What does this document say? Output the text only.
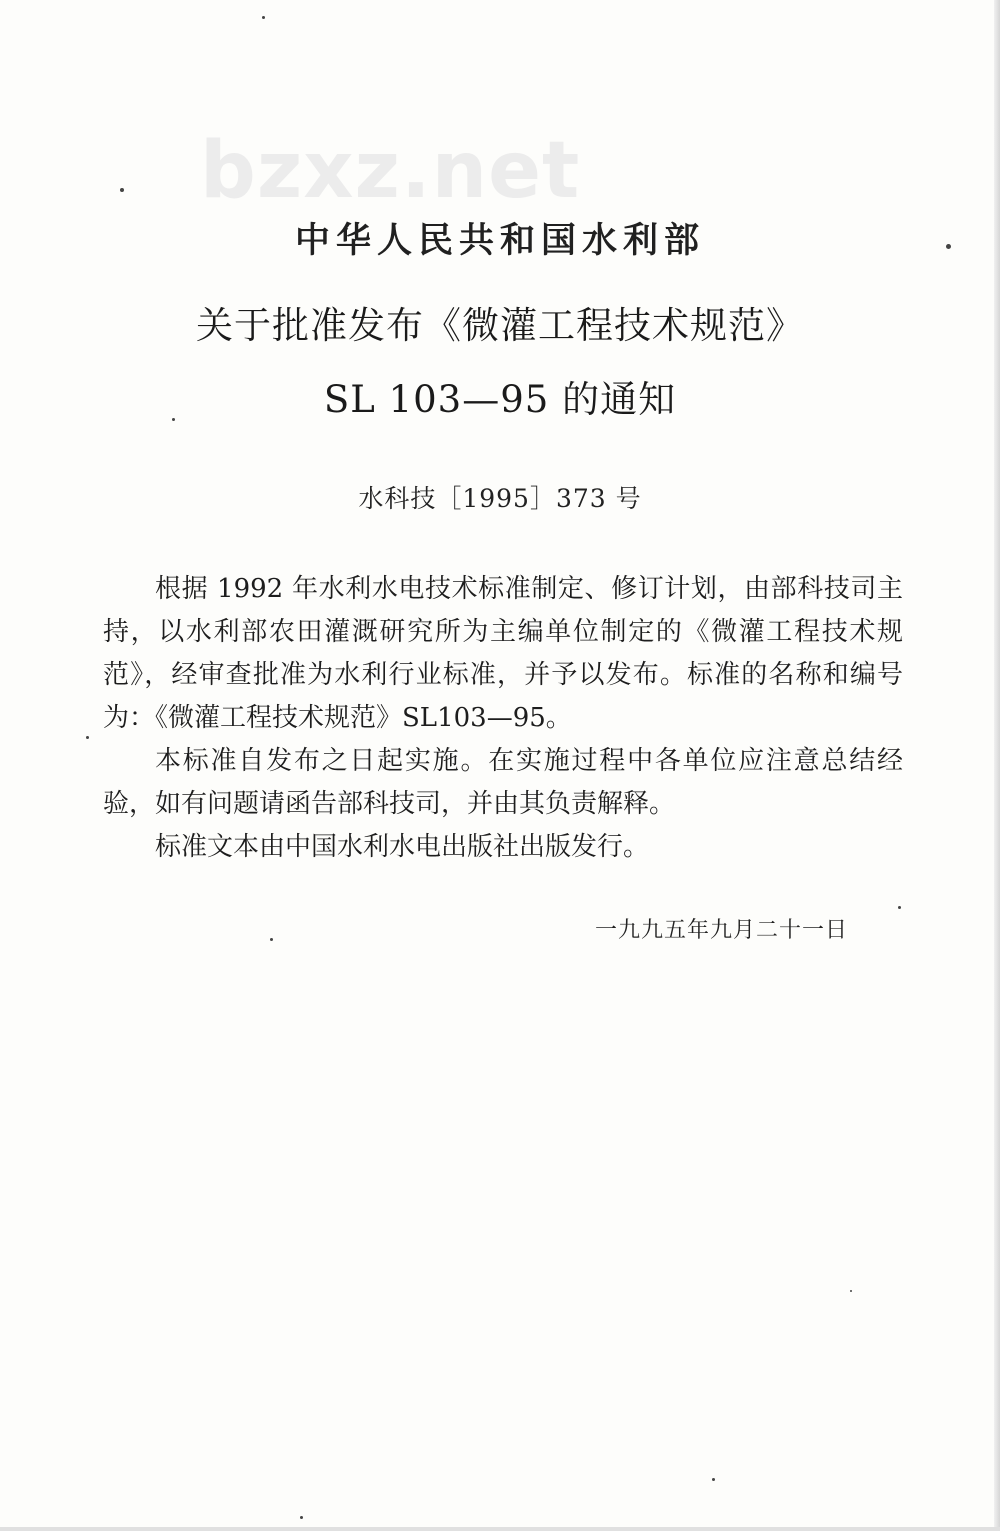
bzxz.net
中华人民共和国水利部
关于批准发布《微灌工程技术规范》
SL 103—95 的通知
水科技［1995］373 号

根据 1992 年水利水电技术标准制定、修订计划，由部科技司主持，以水利部农田灌溉研究所为主编单位制定的《微灌工程技术规范》，经审查批准为水利行业标准，并予以发布。标准的名称和编号为：《微灌工程技术规范》SL103—95。

本标准自发布之日起实施。在实施过程中各单位应注意总结经验，如有问题请函告部科技司，并由其负责解释。

标准文本由中国水利水电出版社出版发行。

一九九五年九月二十一日
